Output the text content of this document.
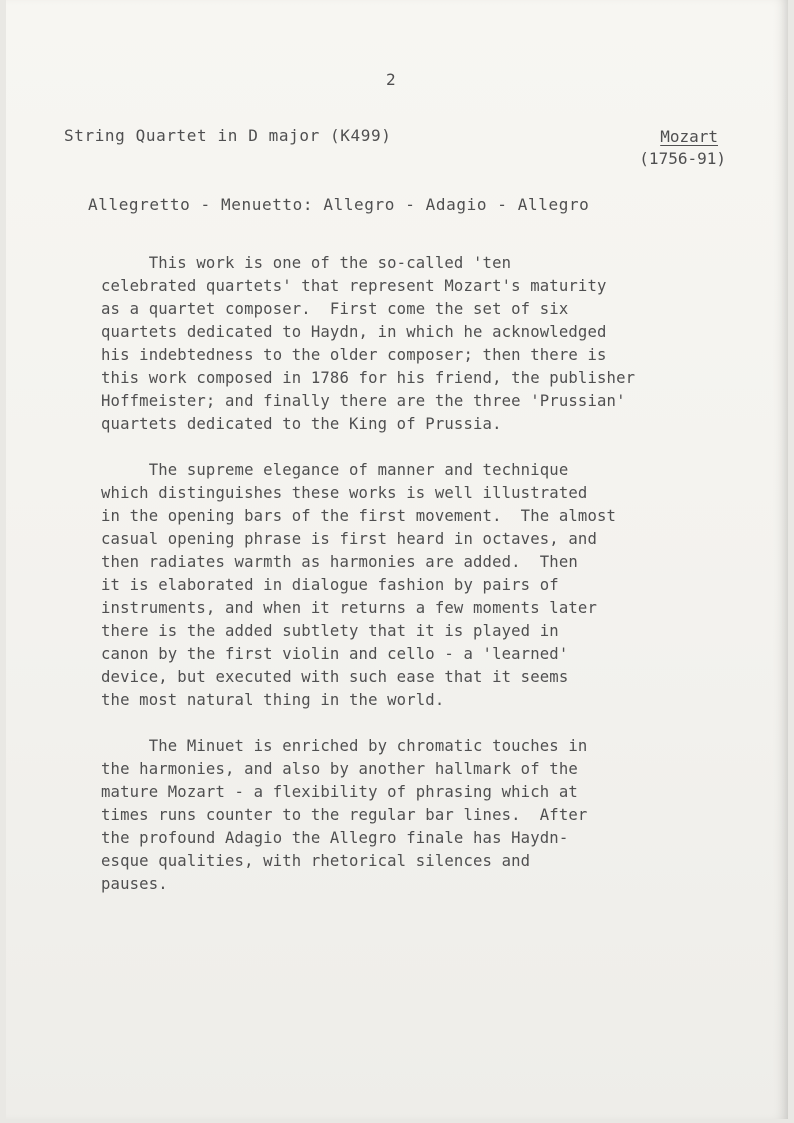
2
String Quartet in D major (K499)	Mozart
(1756-91)
Allegretto - Menuetto: Allegro - Adagio - Allegro
This work is one of the so-called 'ten
celebrated quartets' that represent Mozart's maturity
as a quartet composer.  First come the set of six
quartets dedicated to Haydn, in which he acknowledged
his indebtedness to the older composer; then there is
this work composed in 1786 for his friend, the publisher
Hoffmeister; and finally there are the three 'Prussian'
quartets dedicated to the King of Prussia.
The supreme elegance of manner and technique
which distinguishes these works is well illustrated
in the opening bars of the first movement.  The almost
casual opening phrase is first heard in octaves, and
then radiates warmth as harmonies are added.  Then
it is elaborated in dialogue fashion by pairs of
instruments, and when it returns a few moments later
there is the added subtlety that it is played in
canon by the first violin and cello - a 'learned'
device, but executed with such ease that it seems
the most natural thing in the world.
The Minuet is enriched by chromatic touches in
the harmonies, and also by another hallmark of the
mature Mozart - a flexibility of phrasing which at
times runs counter to the regular bar lines.  After
the profound Adagio the Allegro finale has Haydn-
esque qualities, with rhetorical silences and
pauses.
